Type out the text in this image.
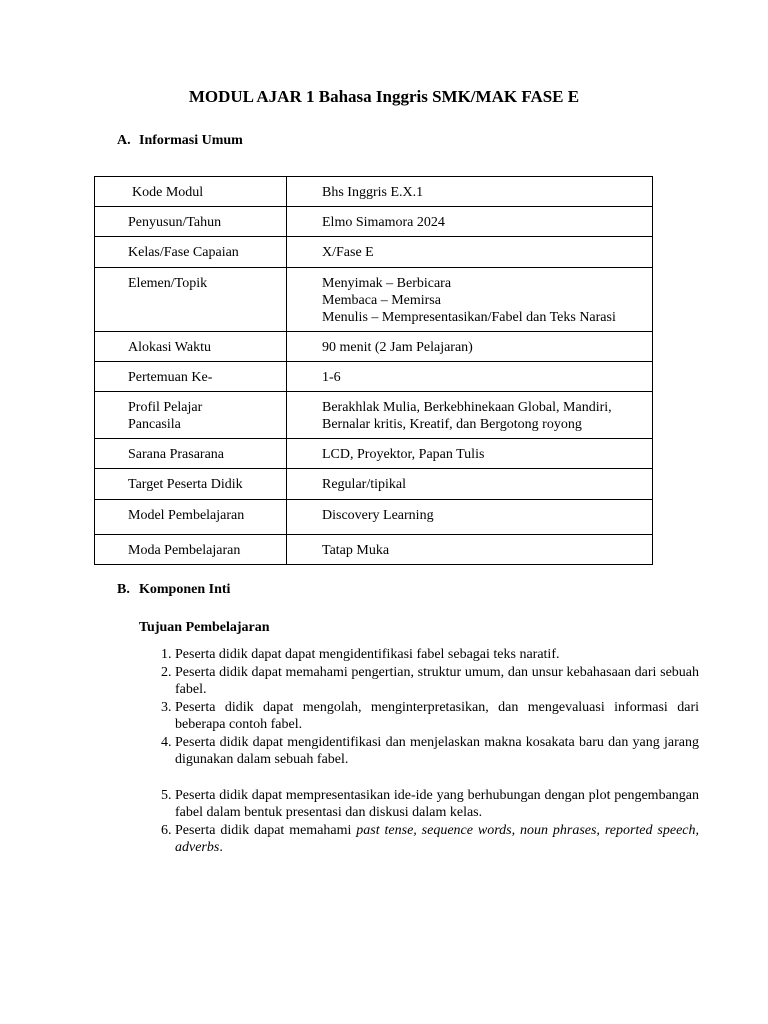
MODUL AJAR 1 Bahasa Inggris SMK/MAK FASE E
A. Informasi Umum
Kode Modul	Bhs Inggris E.X.1

Penyusun/Tahun	Elmo Simamora 2024

Kelas/Fase Capaian	X/Fase E

Elemen/Topik	Menyimak – Berbicara
Membaca – Memirsa
Menulis – Mempresentasikan/Fabel dan Teks Narasi

Alokasi Waktu	90 menit (2 Jam Pelajaran)

Pertemuan Ke-	1-6

Profil Pelajar Pancasila	Berakhlak Mulia, Berkebhinekaan Global, Mandiri, Bernalar kritis, Kreatif, dan Bergotong royong

Sarana Prasarana	LCD, Proyektor, Papan Tulis

Target Peserta Didik	Regular/tipikal

Model Pembelajaran	Discovery Learning

Moda Pembelajaran	Tatap Muka
B. Komponen Inti
Tujuan Pembelajaran
1. Peserta didik dapat dapat mengidentifikasi fabel sebagai teks naratif.
2. Peserta didik dapat memahami pengertian, struktur umum, dan unsur kebahasaan dari sebuah fabel.
3. Peserta didik dapat mengolah, menginterpretasikan, dan mengevaluasi informasi dari beberapa contoh fabel.
4. Peserta didik dapat mengidentifikasi dan menjelaskan makna kosakata baru dan yang jarang digunakan dalam sebuah fabel.
5. Peserta didik dapat mempresentasikan ide-ide yang berhubungan dengan plot pengembangan fabel dalam bentuk presentasi dan diskusi dalam kelas.
6. Peserta didik dapat memahami past tense, sequence words, noun phrases, reported speech, adverbs.
